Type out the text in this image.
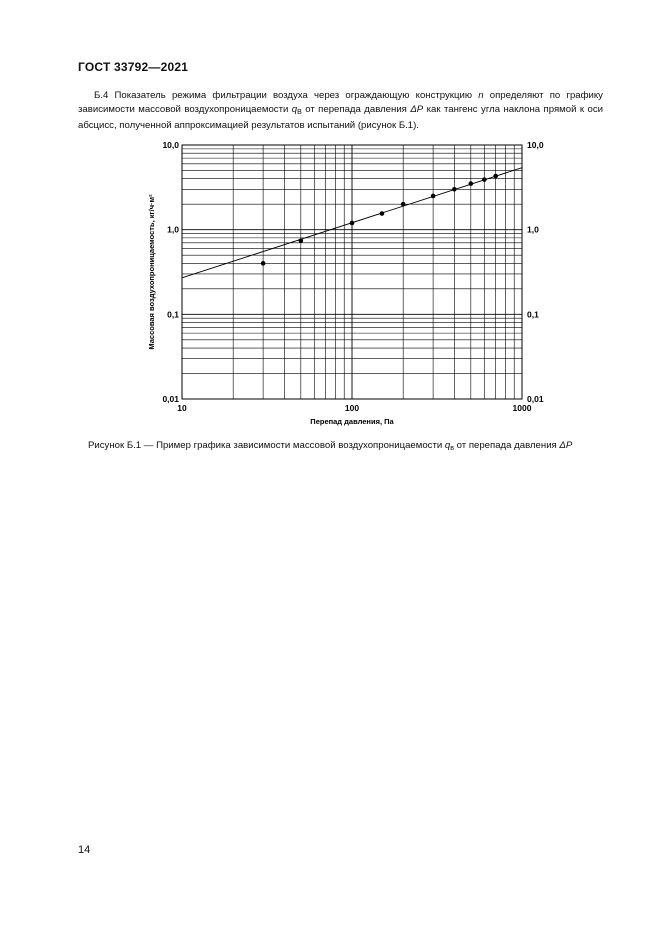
ГОСТ 33792—2021
Б.4 Показатель режима фильтрации воздуха через ограждающую конструкцию n определяют по графику зависимости массовой воздухопроницаемости $q_В$ от перепада давления ΔP как тангенс угла наклона прямой к оси абсцисс, полученной аппроксимацией результатов испытаний (рисунок Б.1).
10	100	1000
10,0
1,0
0,1
0,01
10,0
1,0
0,1
0,01
Перепад давления, Па
Массовая воздухопроницаемость, кг/ч·м²
Рисунок Б.1 — Пример графика зависимости массовой воздухопроницаемости $q_в$ от перепада давления ΔP
14
